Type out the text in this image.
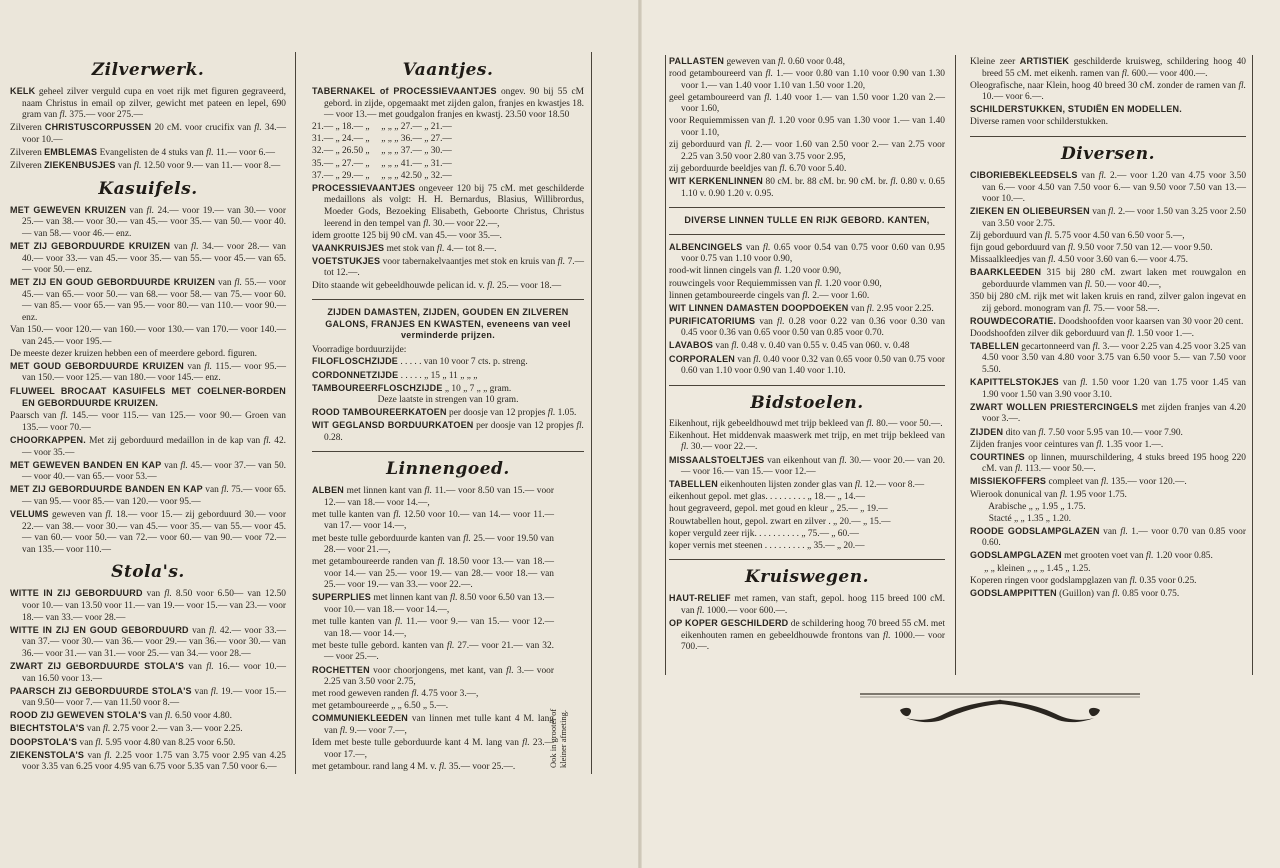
Zilverwerk.
KELK geheel zilver verguld cupa en voet rijk met figuren gegraveerd, naam Christus in email op zilver, gewicht met pateen en lepel, 690 gram van fl. 375.— voor 275.—
Zilveren CHRISTUSCORPUSSEN 20 cM. voor crucifix van fl. 34.— voor 10.—
Zilveren EMBLEMAS Evangelisten de 4 stuks van fl. 11.— voor 6.—
Zilveren ZIEKENBUSJES van fl. 12.50 voor 9.— van 11.— voor 8.—
Kasuifels.
MET GEWEVEN KRUIZEN van fl. 24.— voor 19.— van 30.— voor 25.— van 38.— voor 30.— van 45.— voor 35.— van 50.— voor 40.— van 58.— voor 46.— enz.
MET ZIJ GEBORDUURDE KRUIZEN van fl. 34.— voor 28.— van 40.— voor 33.— van 45.— voor 35.— van 55.— voor 45.— van 65.— voor 50.— enz.
MET ZIJ EN GOUD GEBORDUURDE KRUIZEN van fl. 55.— voor 45.— van 65.— voor 50.— van 68.— voor 58.— van 75.— voor 60.— van 85.— voor 65.— van 95.— voor 80.— van 110.— voor 90.— enz.
Van 150.— voor 120.— van 160.— voor 130.— van 170.— voor 140.— van 245.— voor 195.—
De meeste dezer kruizen hebben een of meerdere gebord. figuren.
MET GOUD GEBORDUURDE KRUIZEN van fl. 115.— voor 95.— van 150.— voor 125.— van 180.— voor 145.— enz.
FLUWEEL BROCAAT KASUIFELS MET COELNER-BORDEN EN GEBORDUURDE KRUIZEN.
Paarsch van fl. 145.— voor 115.— van 125.— voor 90.— Groen van 135.— voor 70.—
CHOORKAPPEN. Met zij geborduurd medaillon in de kap van fl. 42.— voor 35.—
MET GEWEVEN BANDEN EN KAP van fl. 45.— voor 37.— van 50.— voor 40.— van 65.— voor 53.—
MET ZIJ GEBORDUURDE BANDEN EN KAP van fl. 75.— voor 65.— van 95.— voor 85.— van 120.— voor 95.—
VELUMS geweven van fl. 18.— voor 15.— zij geborduurd 30.— voor 22.— van 38.— voor 30.— van 45.— voor 35.— van 55.— voor 45.— van 60.— voor 50.— van 72.— voor 60.— van 90.— voor 72.— van 135.— voor 110.—
Stola's.
WITTE IN ZIJ GEBORDUURD van fl. 8.50 voor 6.50— van 12.50 voor 10.— van 13.50 voor 11.— van 19.— voor 15.— van 23.— voor 18.— van 33.— voor 28.—
WITTE IN ZIJ EN GOUD GEBORDUURD van fl. 42.— voor 33.— van 37.— voor 30.— van 36.— voor 29.— van 36.— voor 30.— van 36.— voor 31.— van 31.— voor 25.— van 34.— voor 28.—
ZWART ZIJ GEBORDUURDE STOLA'S van fl. 16.— voor 10.— van 16.50 voor 13.—
PAARSCH ZIJ GEBORDUURDE STOLA'S van fl. 19.— voor 15.— van 9.50— voor 7.— van 11.50 voor 8.—
ROOD ZIJ GEWEVEN STOLA'S van fl. 6.50 voor 4.80.
BIECHTSTOLA'S van fl. 2.75 voor 2.— van 3.— voor 2.25.
DOOPSTOLA'S van fl. 5.95 voor 4.80 van 8.25 voor 6.50.
ZIEKENSTOLA'S van fl. 2.25 voor 1.75 van 3.75 voor 2.95 van 4.25 voor 3.35 van 6.25 voor 4.95 van 6.75 voor 5.35 van 7.50 voor 6.—
Vaantjes.
TABERNAKEL of PROCESSIEVAANTJES ongev. 90 bij 55 cM gebord. in zijde, opgemaakt met zijden galon, franjes en kwastjes 18.— voor 13.— met goudgalon franjes en kwastj. 23.50 voor 18.50
21.— „ 18.— „     „ „ „ 27.— „ 21.—
31.— „ 24.— „     „ „ „ 36.— „ 27.—
32.— „ 26.50 „     „ „ „ 37.— „ 30.—
35.— „ 27.— „     „ „ „ 41.— „ 31.—
37.— „ 29.— „     „ „ „ 42.50 „ 32.—
PROCESSIEVAANTJES ongeveer 120 bij 75 cM. met geschilderde medaillons als volgt: H. H. Bernardus, Blasius, Willibrordus, Moeder Gods, Bezoeking Elisabeth, Geboorte Christus, Christus leerend in den tempel van fl. 30.— voor 22.—,
idem grootte 125 bij 90 cM. van 45.— voor 35.—.
VAANKRUISJES met stok van fl. 4.— tot 8.—.
VOETSTUKJES voor tabernakelvaantjes met stok en kruis van fl. 7.— tot 12.—.
Dito staande wit gebeeldhouwde pelican id. v. fl. 25.— voor 18.—
ZIJDEN DAMASTEN, ZIJDEN, GOUDEN EN ZILVEREN GALONS, FRANJES EN KWASTEN, eveneens van veel verminderde prijzen.
Voorradige borduurzijde:
FILOFLOSCHZIJDE . . . . . van 10 voor 7 cts. p. streng.
CORDONNETZIJDE . . . . . „ 15 „ 11 „ „ „
TAMBOUREERFLOSCHZIJDE „ 10 „ 7 „ „ gram.
Deze laatste in strengen van 10 gram.
ROOD TAMBOUREERKATOEN per doosje van 12 propjes fl. 1.05.
WIT GEGLANSD BORDUURKATOEN per doosje van 12 propjes fl. 0.28.
Linnengoed.
ALBEN met linnen kant van fl. 11.— voor 8.50 van 15.— voor 12.— van 18.— voor 14.—,
met tulle kanten van fl. 12.50 voor 10.— van 14.— voor 11.— van 17.— voor 14.—,
met beste tulle geborduurde kanten van fl. 25.— voor 19.50 van 28.— voor 21.—,
met getamboureerde randen van fl. 18.50 voor 13.— van 18.— voor 14.— van 25.— voor 19.— van 28.— voor 18.— van 25.— voor 19.— van 33.— voor 22.—.
SUPERPLIES met linnen kant van fl. 8.50 voor 6.50 van 13.— voor 10.— van 18.— voor 14.—,
met tulle kanten van fl. 11.— voor 9.— van 15.— voor 12.— van 18.— voor 14.—,
met beste tulle gebord. kanten van fl. 27.— voor 21.— van 32.— voor 25.—.
ROCHETTEN voor choorjongens, met kant, van fl. 3.— voor 2.25 van 3.50 voor 2.75,
met rood geweven randen fl. 4.75 voor 3.—,
met getamboureerde „ „ 6.50 „ 5.—.
COMMUNIEKLEEDEN van linnen met tulle kant 4 M. lang van fl. 9.— voor 7.—,
Idem met beste tulle geborduurde kant 4 M. lang van fl. 23.— voor 17.—,
met getambour. rand lang 4 M. v. fl. 35.— voor 25.—.	Ook in grooter of kleiner afmeting.
PALLASTEN geweven van fl. 0.60 voor 0.48,
rood getamboureerd van fl. 1.— voor 0.80 van 1.10 voor 0.90 van 1.30 voor 1.— van 1.40 voor 1.10 van 1.50 voor 1.20,
geel getamboureerd van fl. 1.40 voor 1.— van 1.50 voor 1.20 van 2.— voor 1.60,
voor Requiemmissen van fl. 1.20 voor 0.95 van 1.30 voor 1.— van 1.40 voor 1.10,
zij geborduurd van fl. 2.— voor 1.60 van 2.50 voor 2.— van 2.75 voor 2.25 van 3.50 voor 2.80 van 3.75 voor 2.95,
zij geborduurde beeldjes van fl. 6.70 voor 5.40.
WIT KERKENLINNEN 80 cM. br. 88 cM. br. 90 cM. br. fl. 0.80 v. 0.65 1.10 v. 0.90 1.20 v. 0.95.
DIVERSE LINNEN TULLE EN RIJK GEBORD. KANTEN,
ALBENCINGELS van fl. 0.65 voor 0.54 van 0.75 voor 0.60 van 0.95 voor 0.75 van 1.10 voor 0.90,
rood-wit linnen cingels van fl. 1.20 voor 0.90,
rouwcingels voor Requiemmissen van fl. 1.20 voor 0.90,
linnen getamboureerde cingels van fl. 2.— voor 1.60.
WIT LINNEN DAMASTEN DOOPDOEKEN van fl. 2.95 voor 2.25.
PURIFICATORIUMS van fl. 0.28 voor 0.22 van 0.36 voor 0.30 van 0.45 voor 0.36 van 0.65 voor 0.50 van 0.85 voor 0.70.
LAVABOS van fl. 0.48 v. 0.40 van 0.55 v. 0.45 van 060. v. 0.48
CORPORALEN van fl. 0.40 voor 0.32 van 0.65 voor 0.50 van 0.75 voor 0.60 van 1.10 voor 0.90 van 1.40 voor 1.10.
Bidstoelen.
Eikenhout, rijk gebeeldhouwd met trijp bekleed van fl. 80.— voor 50.—.
Eikenhout. Het middenvak maaswerk met trijp, en met trijp bekleed van fl. 30.— voor 22.—.
MISSAALSTOELTJES van eikenhout van fl. 30.— voor 20.— van 20.— voor 16.— van 15.— voor 12.—
TABELLEN eikenhouten lijsten zonder glas van fl. 12.— voor 8.—
eikenhout gepol. met glas. . . . . . . . . „ 18.— „ 14.—
hout gegraveerd, gepol. met goud en kleur „ 25.— „ 19.—
Rouwtabellen hout, gepol. zwart en zilver . „ 20.— „ 15.—
koper verguld zeer rijk. . . . . . . . . . „ 75.— „ 60.—
koper vernis met steenen . . . . . . . . . „ 35.— „ 20.—
Kruiswegen.
HAUT-RELIEF met ramen, van staft, gepol. hoog 115 breed 100 cM. van fl. 1000.— voor 600.—.
OP KOPER GESCHILDERD de schildering hoog 70 breed 55 cM. met eikenhouten ramen en gebeeldhouwde frontons van fl. 1000.— voor 700.—.
Kleine zeer ARTISTIEK geschilderde kruisweg, schildering hoog 40 breed 55 cM. met eikenh. ramen van fl. 600.— voor 400.—.
Oleografische, naar Klein, hoog 40 breed 30 cM. zonder de ramen van fl. 10.— voor 6.—.
SCHILDERSTUKKEN, STUDIËN EN MODELLEN.
Diverse ramen voor schilderstukken.
Diversen.
CIBORIEBEKLEEDSELS van fl. 2.— voor 1.20 van 4.75 voor 3.50 van 6.— voor 4.50 van 7.50 voor 6.— van 9.50 voor 7.50 van 13.— voor 10.—.
ZIEKEN EN OLIEBEURSEN van fl. 2.— voor 1.50 van 3.25 voor 2.50 van 3.50 voor 2.75.
Zij geborduurd van fl. 5.75 voor 4.50 van 6.50 voor 5.—,
fijn goud geborduurd van fl. 9.50 voor 7.50 van 12.— voor 9.50.
Missaalkleedjes van fl. 4.50 voor 3.60 van 6.— voor 4.75.
BAARKLEEDEN 315 bij 280 cM. zwart laken met rouwgalon en geborduurde vlammen van fl. 50.— voor 40.—,
350 bij 280 cM. rijk met wit laken kruis en rand, zilver galon ingevat en zij gebord. monogram van fl. 75.— voor 58.—.
ROUWDECORATIE. Doodshoofden voor kaarsen van 30 voor 20 cent.
Doodshoofden zilver dik geborduurd van fl. 1.50 voor 1.—.
TABELLEN gecartonneerd van fl. 3.— voor 2.25 van 4.25 voor 3.25 van 4.50 voor 3.50 van 4.80 voor 3.75 van 6.50 voor 5.— van 7.50 voor 5.50.
KAPITTELSTOKJES van fl. 1.50 voor 1.20 van 1.75 voor 1.45 van 1.90 voor 1.50 van 3.90 voor 3.10.
ZWART WOLLEN PRIESTERCINGELS met zijden franjes van 4.20 voor 3.—.
ZIJDEN dito van fl. 7.50 voor 5.95 van 10.— voor 7.90.
Zijden franjes voor ceintures van fl. 1.35 voor 1.—.
COURTINES op linnen, muurschildering, 4 stuks breed 195 hoog 220 cM. van fl. 113.— voor 50.—.
MISSIEKOFFERS compleet van fl. 135.— voor 120.—.
Wierook donunical van fl. 1.95 voor 1.75.
Arabische „ „ 1.95 „ 1.75.
Stacté „ „ 1.35 „ 1.20.
ROODE GODSLAMPGLAZEN van fl. 1.— voor 0.70 van 0.85 voor 0.60.
GODSLAMPGLAZEN met grooten voet van fl. 1.20 voor 0.85.
„ „ kleinen „ „ „ 1.45 „ 1.25.
Koperen ringen voor godslampglazen van fl. 0.35 voor 0.25.
GODSLAMPPITTEN (Guillon) van fl. 0.85 voor 0.75.
